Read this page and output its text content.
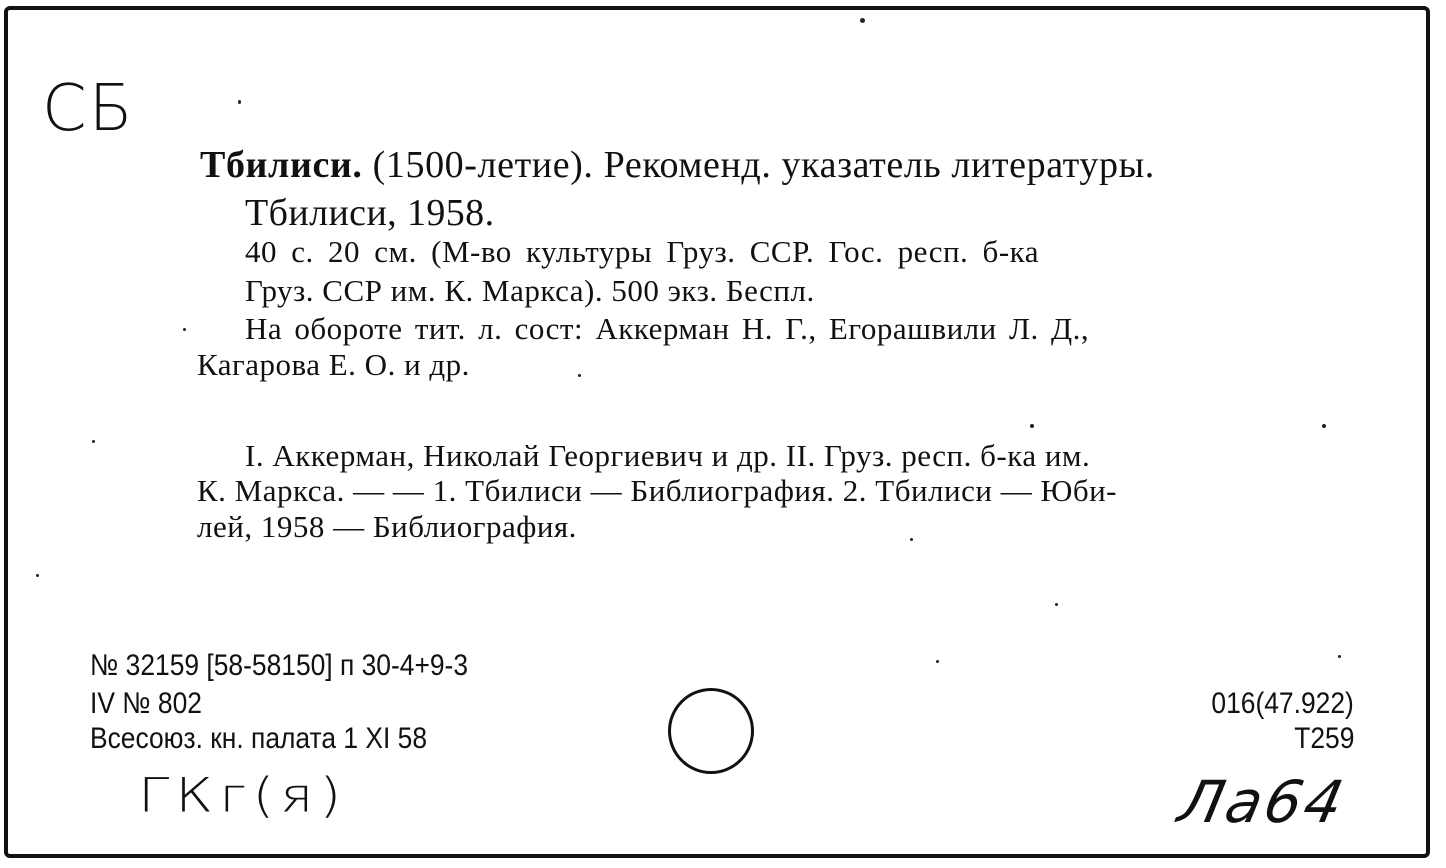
СБ
Тбилиси. (1500-летие). Рекоменд. указатель литературы.
Тбилиси, 1958.
40 с. 20 см. (М-во культуры Груз. ССР. Гос. респ. б-ка
Груз. ССР им. К. Маркса). 500 экз. Беспл.
На обороте тит. л. сост: Аккерман Н. Г., Егорашвили Л. Д.,
Кагарова Е. О. и др.
I. Аккерман, Николай Георгиевич и др. II. Груз. респ. б-ка им.
К. Маркса. — — 1. Тбилиси — Библиография. 2. Тбилиси — Юби-
лей, 1958 — Библиография.
№ 32159 [58-58150] п 30-4+9-3
IV № 802
Всесоюз. кн. палата 1 XI 58
016(47.922)
Т259
ГКг(я)	Ла64
